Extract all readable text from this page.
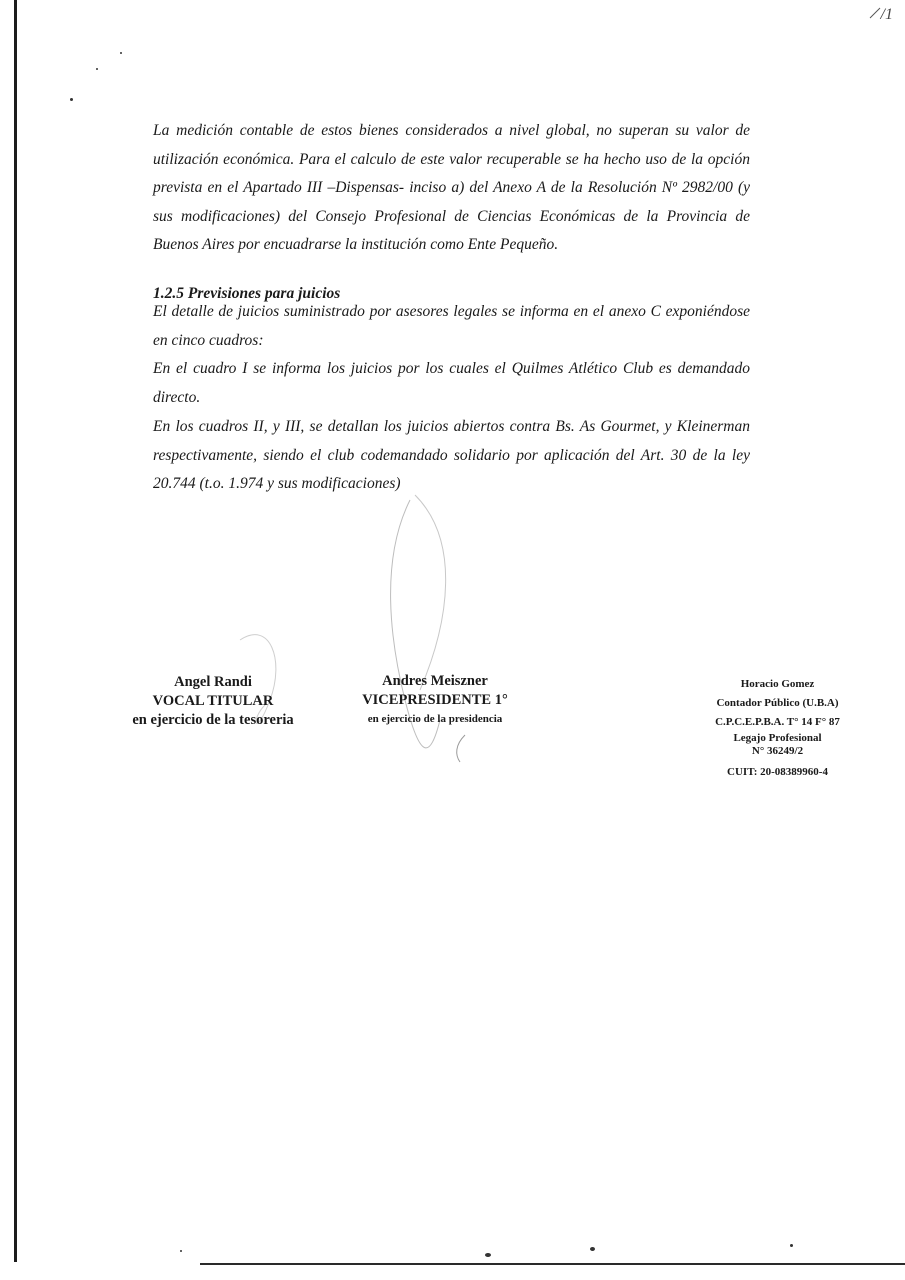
/1

La medición contable de estos bienes considerados a nivel global, no superan su valor de utilización económica. Para el calculo de este valor recuperable se ha hecho uso de la opción prevista en el Apartado III –Dispensas- inciso a) del Anexo A de la Resolución Nº 2982/00 (y sus modificaciones) del Consejo Profesional de Ciencias Económicas de la Provincia de Buenos Aires por encuadrarse la institución como Ente Pequeño.

1.2.5 Previsiones para juicios

El detalle de juicios suministrado por asesores legales se informa en el anexo C exponiéndose en cinco cuadros:

En el cuadro I se informa los juicios por los cuales el Quilmes Atlético Club es demandado directo.

En los cuadros II, y III, se detallan los juicios abiertos contra Bs. As Gourmet, y Kleinerman respectivamente, siendo el club codemandado solidario por aplicación del Art. 30 de la ley 20.744 (t.o. 1.974 y sus modificaciones)

Angel Randi
VOCAL TITULAR
en ejercicio de la tesoreria
Andres Meiszner
VICEPRESIDENTE 1°
en ejercicio de la presidencia
Horacio Gomez
Contador Público (U.B.A)
C.P.C.E.P.B.A. T° 14 F° 87
Legajo Profesional
N° 36249/2
CUIT: 20-08389960-4
